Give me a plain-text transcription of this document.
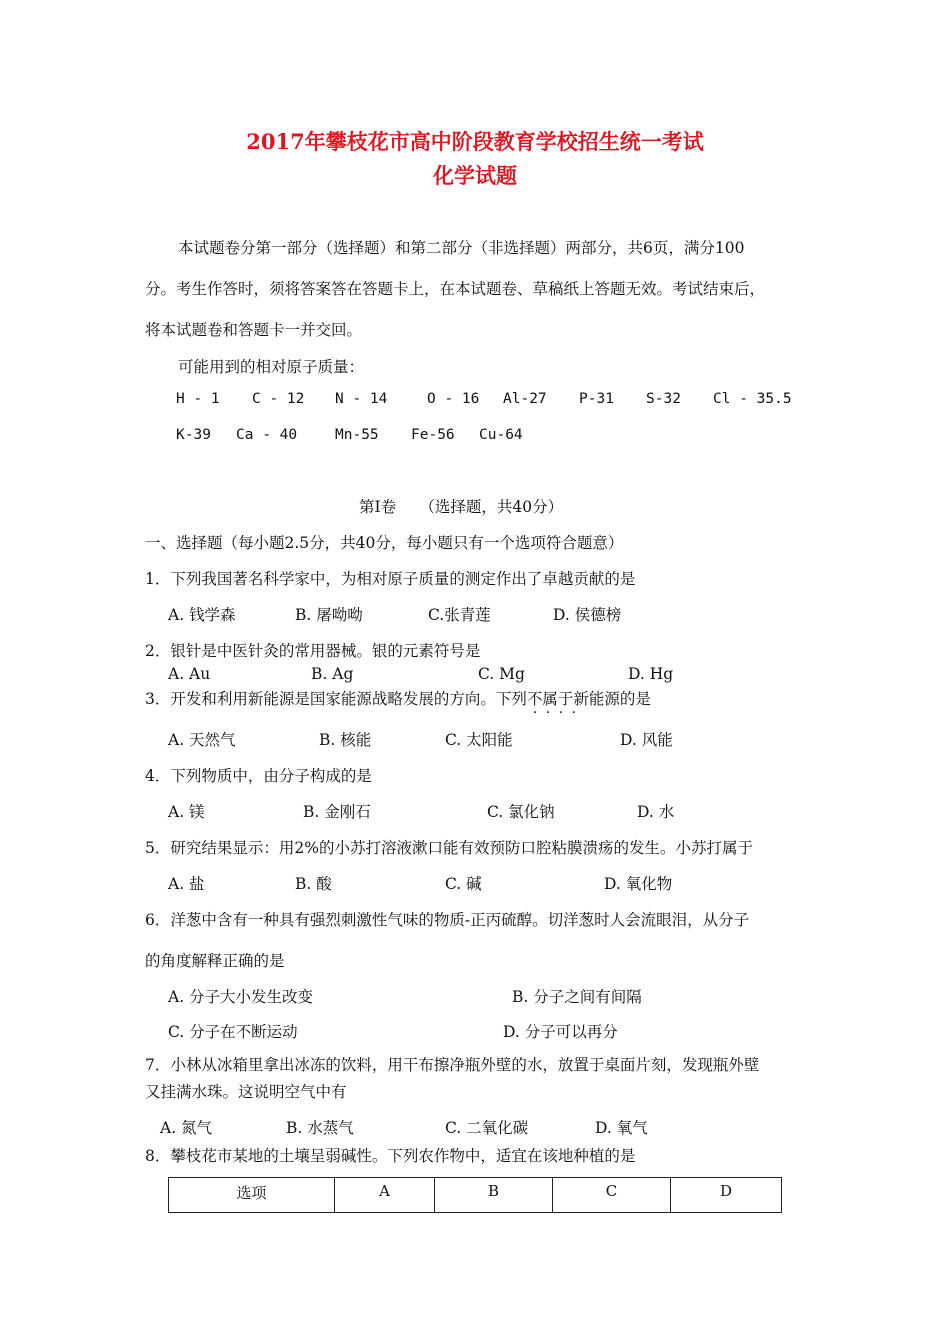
2017年攀枝花市高中阶段教育学校招生统一考试
化学试题
本试题卷分第一部分（选择题）和第二部分（非选择题）两部分，共6页，满分100
分。考生作答时，须将答案答在答题卡上，在本试题卷、草稿纸上答题无效。考试结束后，
将本试题卷和答题卡一并交回。
可能用到的相对原子质量：
H - 1 C - 12 N - 14	O - 16 Al-27 P-31 S-32 Cl - 35.5
K-39 Ca - 40	Mn-55 Fe-56 Cu-64
第Ⅰ卷　　（选择题，共40分）
一、选择题（每小题2.5分，共40分，每小题只有一个选项符合题意）
1．下列我国著名科学家中，为相对原子质量的测定作出了卓越贡献的是
A. 钱学森	B. 屠呦呦	C.张青莲	D. 侯德榜
2．银针是中医针灸的常用器械。银的元素符号是
A. Au	B. Ag	C. Mg	D. Hg
3．开发和利用新能源是国家能源战略发展的方向。下列不属于 · · · ·新能源的是
A. 天然气	B. 核能	C. 太阳能	D. 风能
4．下列物质中，由分子构成的是
A. 镁	B. 金刚石	C. 氯化钠	D. 水
5．研究结果显示：用2%的小苏打溶液漱口能有效预防口腔粘膜溃疡的发生。小苏打属于
A. 盐	B. 酸	C. 碱	D. 氧化物
6．洋葱中含有一种具有强烈刺激性气味的物质-正丙硫醇。切洋葱时人会流眼泪，从分子
的角度解释正确的是
A. 分子大小发生改变	B. 分子之间有间隔
C. 分子在不断运动	D. 分子可以再分
7．小林从冰箱里拿出冰冻的饮料，用干布擦净瓶外壁的水，放置于桌面片刻，发现瓶外壁
又挂满水珠。这说明空气中有
A. 氮气	B. 水蒸气	C. 二氧化碳	D. 氧气
8．攀枝花市某地的土壤呈弱碱性。下列农作物中，适宜在该地种植的是
选项	A	B	C	D
